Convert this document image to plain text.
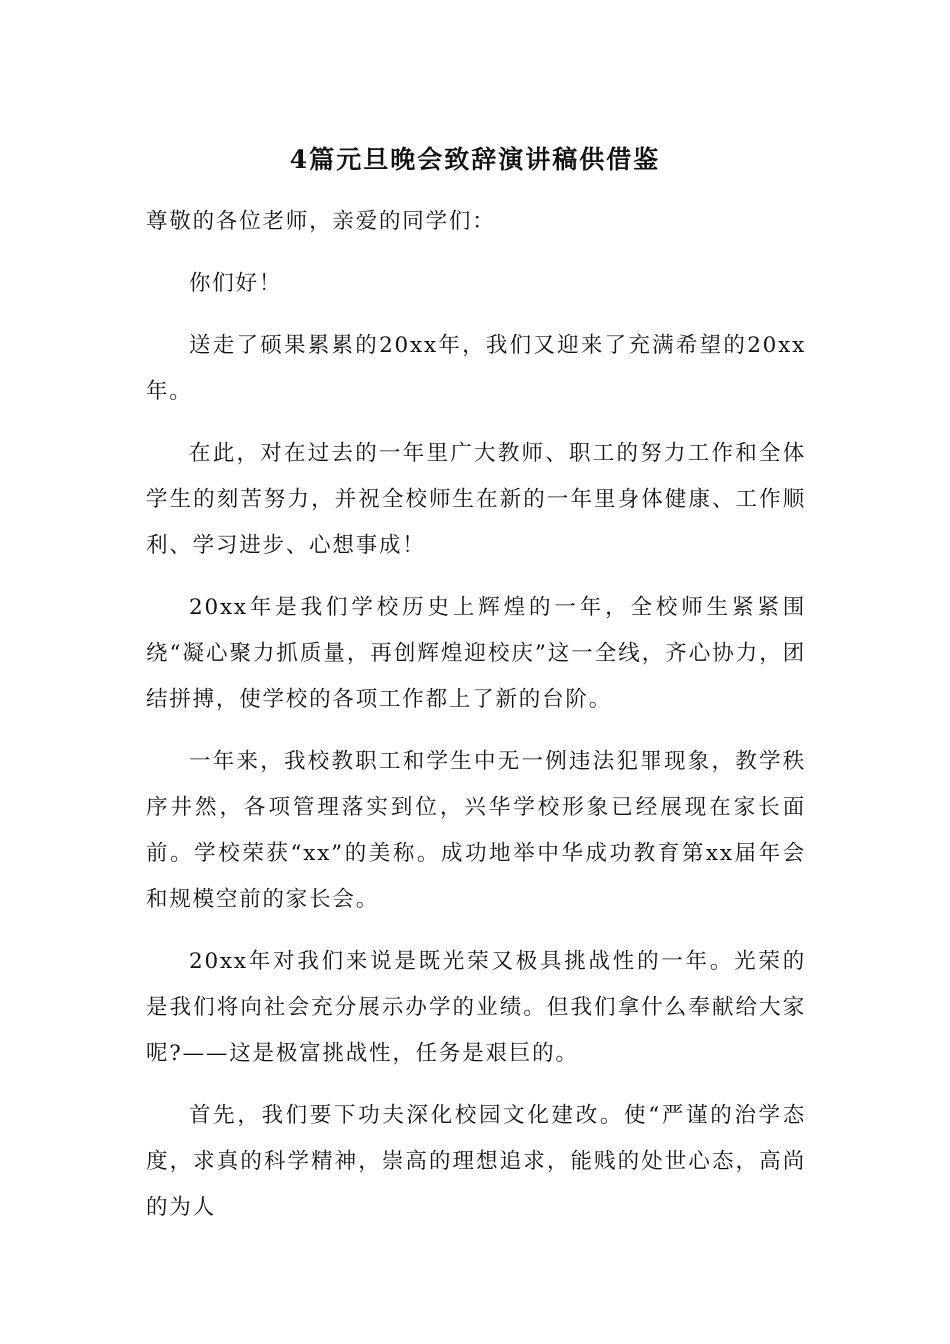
4篇元旦晚会致辞演讲稿供借鉴

尊敬的各位老师，亲爱的同学们：

你们好！

送走了硕果累累的20xx年，我们又迎来了充满希望的20xx年。

在此，对在过去的一年里广大教师、职工的努力工作和全体学生的刻苦努力，并祝全校师生在新的一年里身体健康、工作顺利、学习进步、心想事成！

20xx年是我们学校历史上辉煌的一年，全校师生紧紧围绕“凝心聚力抓质量，再创辉煌迎校庆”这一全线，齐心协力，团结拼搏，使学校的各项工作都上了新的台阶。

一年来，我校教职工和学生中无一例违法犯罪现象，教学秩序井然，各项管理落实到位，兴华学校形象已经展现在家长面前。学校荣获“xx”的美称。成功地举中华成功教育第xx届年会和规模空前的家长会。

20xx年对我们来说是既光荣又极具挑战性的一年。光荣的是我们将向社会充分展示办学的业绩。但我们拿什么奉献给大家呢?——这是极富挑战性，任务是艰巨的。

首先，我们要下功夫深化校园文化建改。使“严谨的治学态度，求真的科学精神，崇高的理想追求，能贱的处世心态，高尚的为人
